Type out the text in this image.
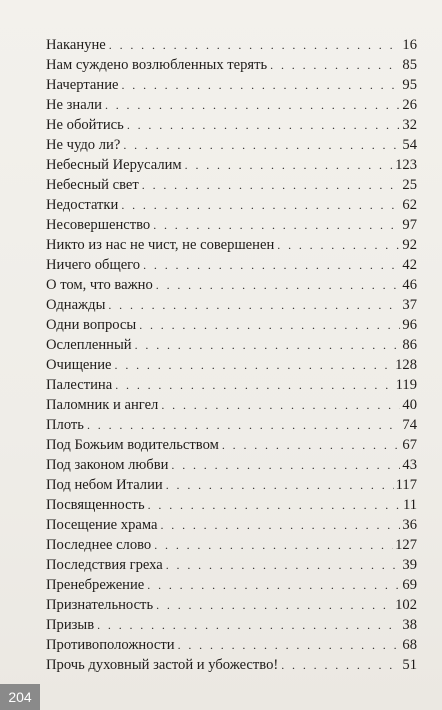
Накануне . . .	16
Нам суждено возлюбленных терять . . .	85
Начертание . . .	95
Не знали . . .	26
Не обойтись . . .	32
Не чудо ли? . . .	54
Небесный Иерусалим . . .	123
Небесный свет . . .	25
Недостатки . . .	62
Несовершенство . . .	97
Никто из нас не чист, не совершенен . . .	92
Ничего общего . . .	42
О том, что важно . . .	46
Однажды . . .	37
Одни вопросы . . .	96
Ослепленный . . .	86
Очищение . . .	128
Палестина . . .	119
Паломник и ангел . . .	40
Плоть . . .	74
Под Божьим водительством . . .	67
Под законом любви . . .	43
Под небом Италии . . .	117
Посвященность . . .	11
Посещение храма . . .	36
Последнее слово . . .	127
Последствия греха . . .	39
Пренебрежение . . .	69
Признательность . . .	102
Призыв . . .	38
Противоположности . . .	68
Прочь духовный застой и убожество! . . .	51
204
